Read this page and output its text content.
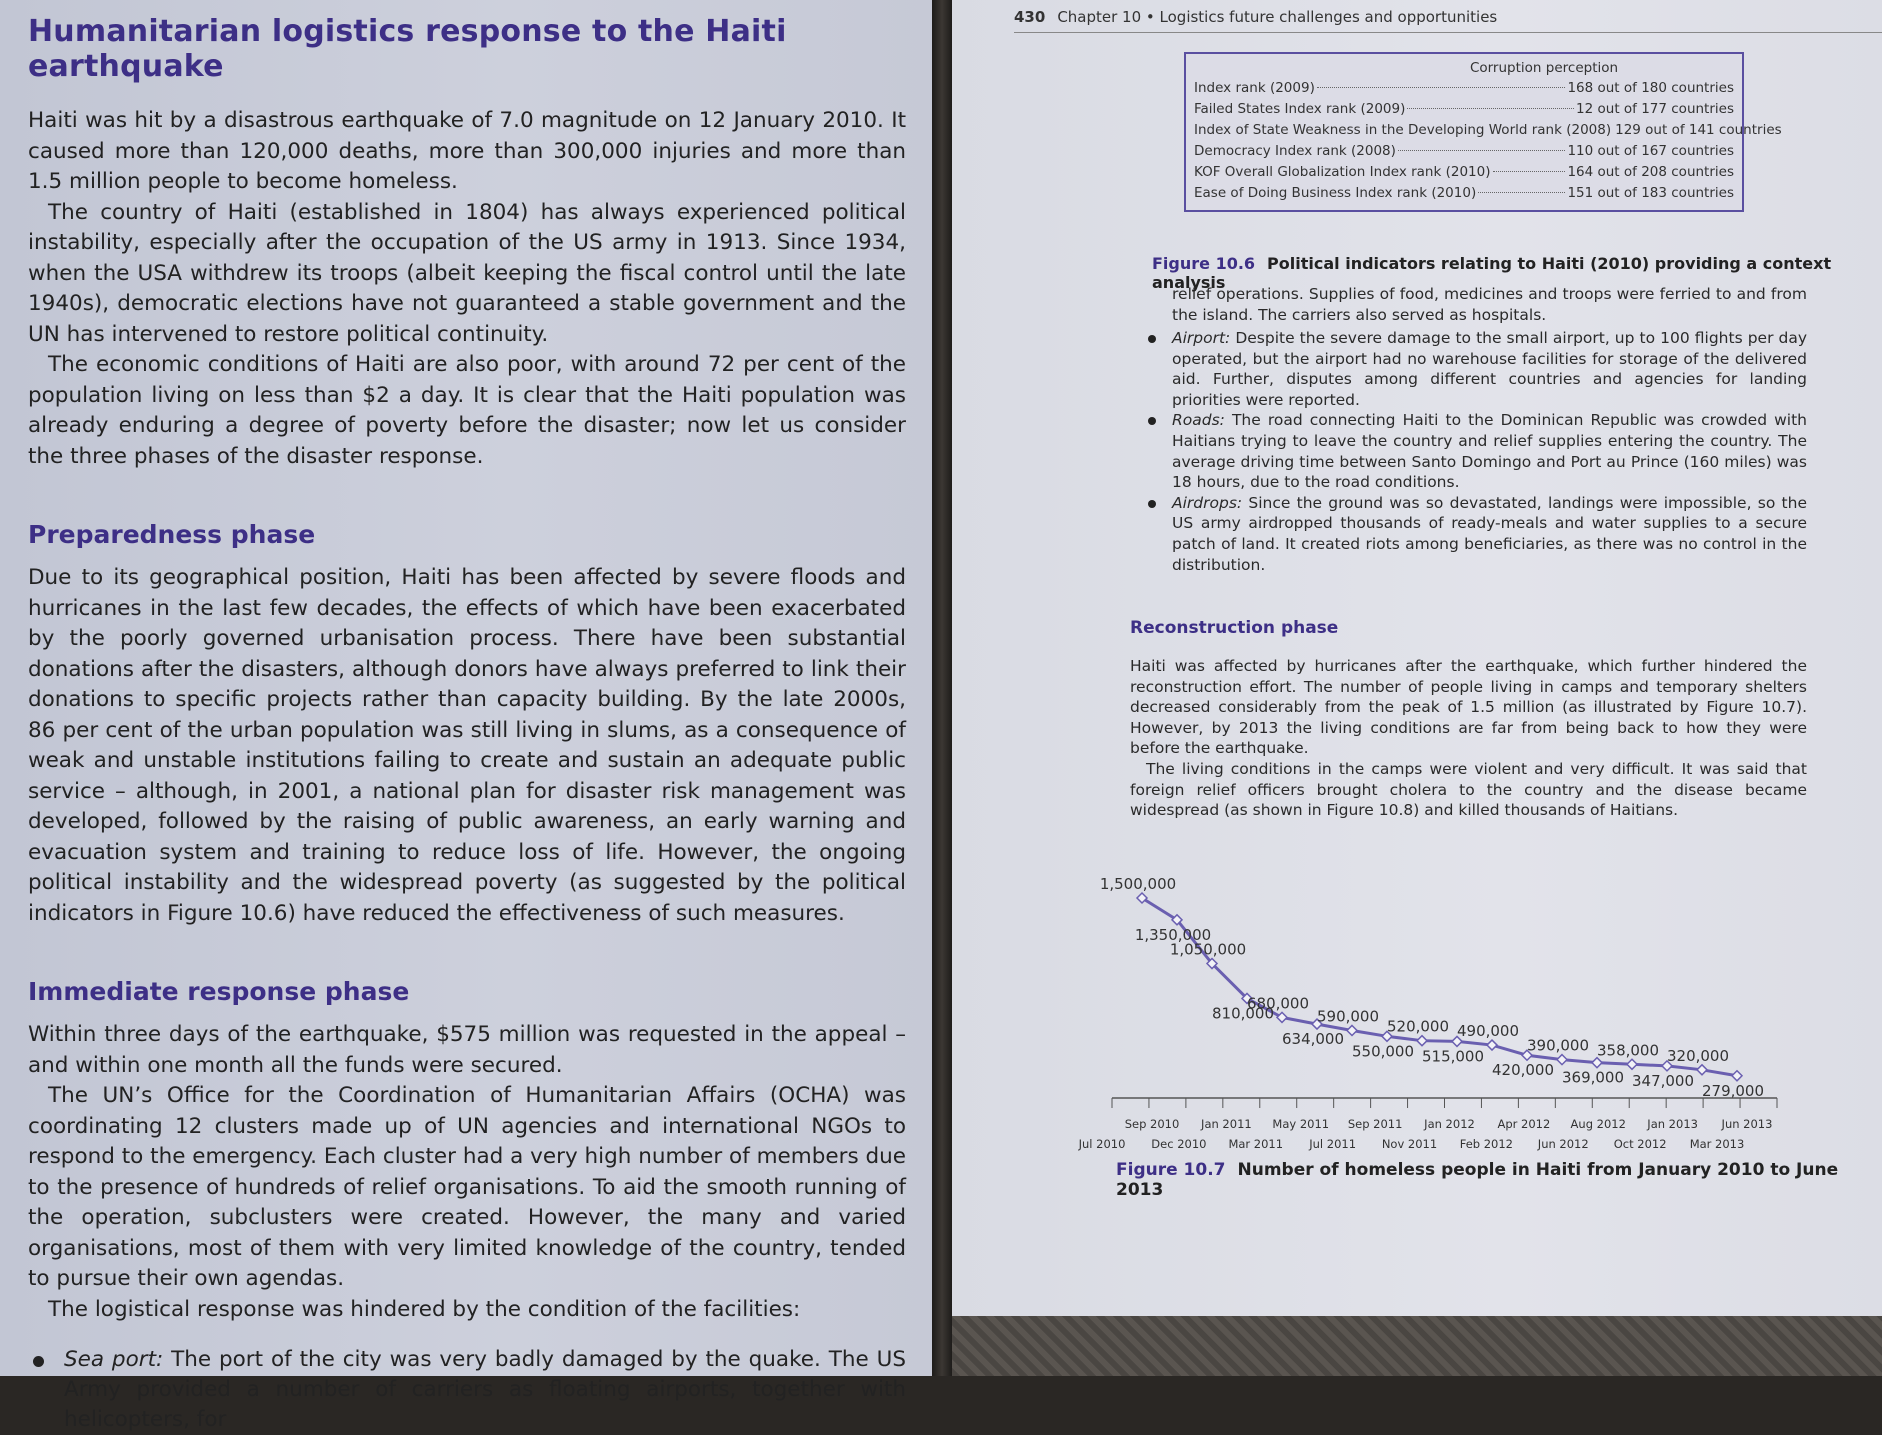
Humanitarian logistics response to the Haiti earthquake

Haiti was hit by a disastrous earthquake of 7.0 magnitude on 12 January 2010. It caused more than 120,000 deaths, more than 300,000 injuries and more than 1.5 million people to become homeless.

The country of Haiti (established in 1804) has always experienced political instability, especially after the occupation of the US army in 1913. Since 1934, when the USA withdrew its troops (albeit keeping the fiscal control until the late 1940s), democratic elections have not guaranteed a stable government and the UN has intervened to restore political continuity.

The economic conditions of Haiti are also poor, with around 72 per cent of the population living on less than $2 a day. It is clear that the Haiti population was already enduring a degree of poverty before the disaster; now let us consider the three phases of the disaster response.

Preparedness phase

Due to its geographical position, Haiti has been affected by severe floods and hurricanes in the last few decades, the effects of which have been exacerbated by the poorly governed urbanisation process. There have been substantial donations after the disasters, although donors have always preferred to link their donations to specific projects rather than capacity building. By the late 2000s, 86 per cent of the urban population was still living in slums, as a consequence of weak and unstable institutions failing to create and sustain an adequate public service – although, in 2001, a national plan for disaster risk management was developed, followed by the raising of public awareness, an early warning and evacuation system and training to reduce loss of life. However, the ongoing political instability and the widespread poverty (as suggested by the political indicators in Figure 10.6) have reduced the effectiveness of such measures.

Immediate response phase

Within three days of the earthquake, $575 million was requested in the appeal – and within one month all the funds were secured.

The UN’s Office for the Coordination of Humanitarian Affairs (OCHA) was coordinating 12 clusters made up of UN agencies and international NGOs to respond to the emergency. Each cluster had a very high number of members due to the presence of hundreds of relief organisations. To aid the smooth running of the operation, subclusters were created. However, the many and varied organisations, most of them with very limited knowledge of the country, tended to pursue their own agendas.

The logistical response was hindered by the condition of the facilities:

Sea port: The port of the city was very badly damaged by the quake. The US Army provided a number of carriers as floating airports, together with helicopters, for
430 Chapter 10 • Logistics future challenges and opportunities
Corruption perception
Index rank (2009)	168 out of 180 countries
Failed States Index rank (2009)	12 out of 177 countries
Index of State Weakness in the Developing World rank (2008) 129 out of 141 countries
Democracy Index rank (2008)	110 out of 167 countries
KOF Overall Globalization Index rank (2010)	164 out of 208 countries
Ease of Doing Business Index rank (2010)	151 out of 183 countries
Figure 10.6 Political indicators relating to Haiti (2010) providing a context analysis

relief operations. Supplies of food, medicines and troops were ferried to and from the island. The carriers also served as hospitals.

Airport: Despite the severe damage to the small airport, up to 100 flights per day operated, but the airport had no warehouse facilities for storage of the delivered aid. Further, disputes among different countries and agencies for landing priorities were reported.
Roads: The road connecting Haiti to the Dominican Republic was crowded with Haitians trying to leave the country and relief supplies entering the country. The average driving time between Santo Domingo and Port au Prince (160 miles) was 18 hours, due to the road conditions.
Airdrops: Since the ground was so devastated, landings were impossible, so the US army airdropped thousands of ready-meals and water supplies to a secure patch of land. It created riots among beneficiaries, as there was no control in the distribution.
Reconstruction phase

Haiti was affected by hurricanes after the earthquake, which further hindered the reconstruction effort. The number of people living in camps and temporary shelters decreased considerably from the peak of 1.5 million (as illustrated by Figure 10.7). However, by 2013 the living conditions are far from being back to how they were before the earthquake.

The living conditions in the camps were violent and very difficult. It was said that foreign relief officers brought cholera to the country and the disease became widespread (as shown in Figure 10.8) and killed thousands of Haitians.

1,500,000
1,350,000
1,050,000
810,000
680,000
634,000
590,000
550,000
520,000
515,000
490,000
420,000
390,000
369,000
358,000
347,000
320,000
279,000
Sep 2010 Jan 2011 May 2011 Sep 2011 Jan 2012 Apr 2012 Aug 2012 Jan 2013 Jun 2013
Jul 2010 Dec 2010 Mar 2011 Jul 2011 Nov 2011 Feb 2012 Jun 2012 Oct 2012 Mar 2013
Figure 10.7 Number of homeless people in Haiti from January 2010 to June 2013
